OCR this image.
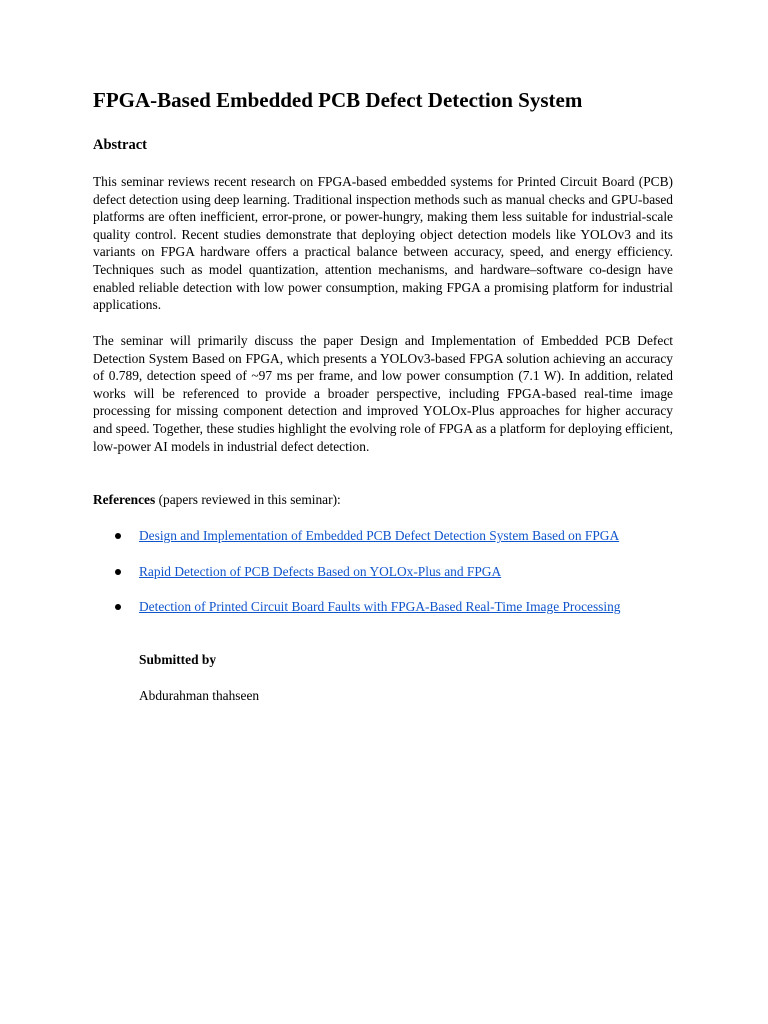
FPGA-Based Embedded PCB Defect Detection System
Abstract

This seminar reviews recent research on FPGA-based embedded systems for Printed Circuit Board (PCB) defect detection using deep learning. Traditional inspection methods such as manual checks and GPU-based platforms are often inefficient, error-prone, or power-hungry, making them less suitable for industrial-scale quality control. Recent studies demonstrate that deploying object detection models like YOLOv3 and its variants on FPGA hardware offers a practical balance between accuracy, speed, and energy efficiency. Techniques such as model quantization, attention mechanisms, and hardware–software co-design have enabled reliable detection with low power consumption, making FPGA a promising platform for industrial applications.

The seminar will primarily discuss the paper Design and Implementation of Embedded PCB Defect Detection System Based on FPGA, which presents a YOLOv3-based FPGA solution achieving an accuracy of 0.789, detection speed of ~97 ms per frame, and low power consumption (7.1 W). In addition, related works will be referenced to provide a broader perspective, including FPGA-based real-time image processing for missing component detection and improved YOLOx-Plus approaches for higher accuracy and speed. Together, these studies highlight the evolving role of FPGA as a platform for deploying efficient, low-power AI models in industrial defect detection.

References (papers reviewed in this seminar):

Design and Implementation of Embedded PCB Defect Detection System Based on FPGA
Rapid Detection of PCB Defects Based on YOLOx-Plus and FPGA
Detection of Printed Circuit Board Faults with FPGA-Based Real-Time Image Processing

Submitted by

Abdurahman thahseen
